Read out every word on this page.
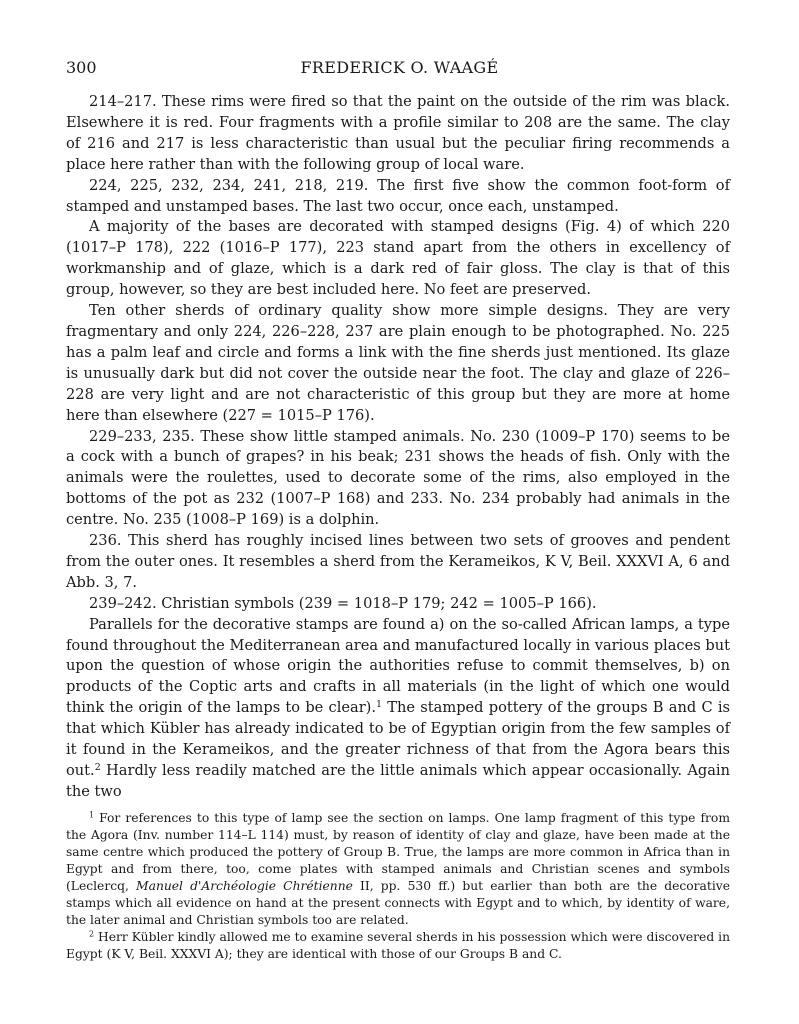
300	FREDERICK O. WAAGÉ

214–217. These rims were fired so that the paint on the outside of the rim was black. Elsewhere it is red. Four fragments with a profile similar to 208 are the same. The clay of 216 and 217 is less characteristic than usual but the peculiar firing recommends a place here rather than with the following group of local ware.

224, 225, 232, 234, 241, 218, 219. The first five show the common foot-form of stamped and unstamped bases. The last two occur, once each, unstamped.

A majority of the bases are decorated with stamped designs (Fig. 4) of which 220 (1017–P 178), 222 (1016–P 177), 223 stand apart from the others in excellency of workmanship and of glaze, which is a dark red of fair gloss. The clay is that of this group, however, so they are best included here. No feet are preserved.

Ten other sherds of ordinary quality show more simple designs. They are very fragmentary and only 224, 226–228, 237 are plain enough to be photographed. No. 225 has a palm leaf and circle and forms a link with the fine sherds just mentioned. Its glaze is unusually dark but did not cover the outside near the foot. The clay and glaze of 226–228 are very light and are not characteristic of this group but they are more at home here than elsewhere (227 = 1015–P 176).

229–233, 235. These show little stamped animals. No. 230 (1009–P 170) seems to be a cock with a bunch of grapes? in his beak; 231 shows the heads of fish. Only with the animals were the roulettes, used to decorate some of the rims, also employed in the bottoms of the pot as 232 (1007–P 168) and 233. No. 234 probably had animals in the centre. No. 235 (1008–P 169) is a dolphin.

236. This sherd has roughly incised lines between two sets of grooves and pendent from the outer ones. It resembles a sherd from the Kerameikos, K V, Beil. XXXVI A, 6 and Abb. 3, 7.

239–242. Christian symbols (239 = 1018–P 179; 242 = 1005–P 166).

Parallels for the decorative stamps are found a) on the so-called African lamps, a type found throughout the Mediterranean area and manufactured locally in various places but upon the question of whose origin the authorities refuse to commit themselves, b) on products of the Coptic arts and crafts in all materials (in the light of which one would think the origin of the lamps to be clear).$^1$ The stamped pottery of the groups B and C is that which Kübler has already indicated to be of Egyptian origin from the few samples of it found in the Kerameikos, and the greater richness of that from the Agora bears this out.$^2$ Hardly less readily matched are the little animals which appear occasionally. Again the two

$^1$ For references to this type of lamp see the section on lamps. One lamp fragment of this type from the Agora (Inv. number 114–L 114) must, by reason of identity of clay and glaze, have been made at the same centre which produced the pottery of Group B. True, the lamps are more common in Africa than in Egypt and from there, too, come plates with stamped animals and Christian scenes and symbols (Leclercq, Manuel d'Archéologie Chrétienne II, pp. 530 ff.) but earlier than both are the decorative stamps which all evidence on hand at the present connects with Egypt and to which, by identity of ware, the later animal and Christian symbols too are related.

$^2$ Herr Kübler kindly allowed me to examine several sherds in his possession which were discovered in Egypt (K V, Beil. XXXVI A); they are identical with those of our Groups B and C.
